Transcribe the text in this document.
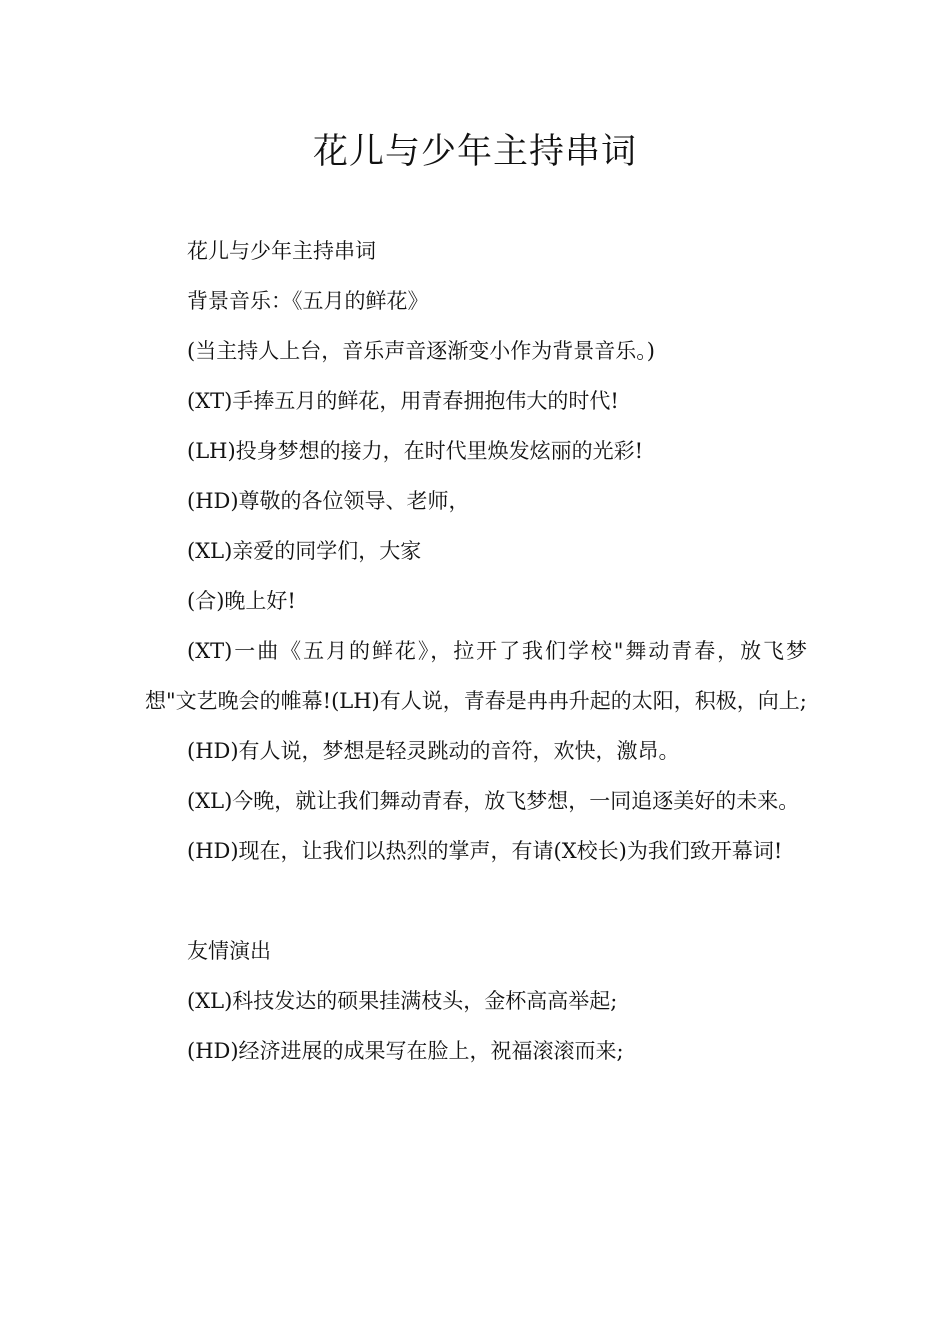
花儿与少年主持串词

花儿与少年主持串词

背景音乐：《五月的鲜花》

(当主持人上台，音乐声音逐渐变小作为背景音乐。)

(XT)手捧五月的鲜花，用青春拥抱伟大的时代!

(LH)投身梦想的接力，在时代里焕发炫丽的光彩!

(HD)尊敬的各位领导、老师，

(XL)亲爱的同学们，大家

(合)晚上好!

(XT)一曲《五月的鲜花》，拉开了我们学校"舞动青春，放飞梦想"文艺晚会的帷幕!(LH)有人说，青春是冉冉升起的太阳，积极，向上;

(HD)有人说，梦想是轻灵跳动的音符，欢快，激昂。

(XL)今晚，就让我们舞动青春，放飞梦想，一同追逐美好的未来。

(HD)现在，让我们以热烈的掌声，有请(X校长)为我们致开幕词!

友情演出

(XL)科技发达的硕果挂满枝头，金杯高高举起;

(HD)经济进展的成果写在脸上，祝福滚滚而来;
